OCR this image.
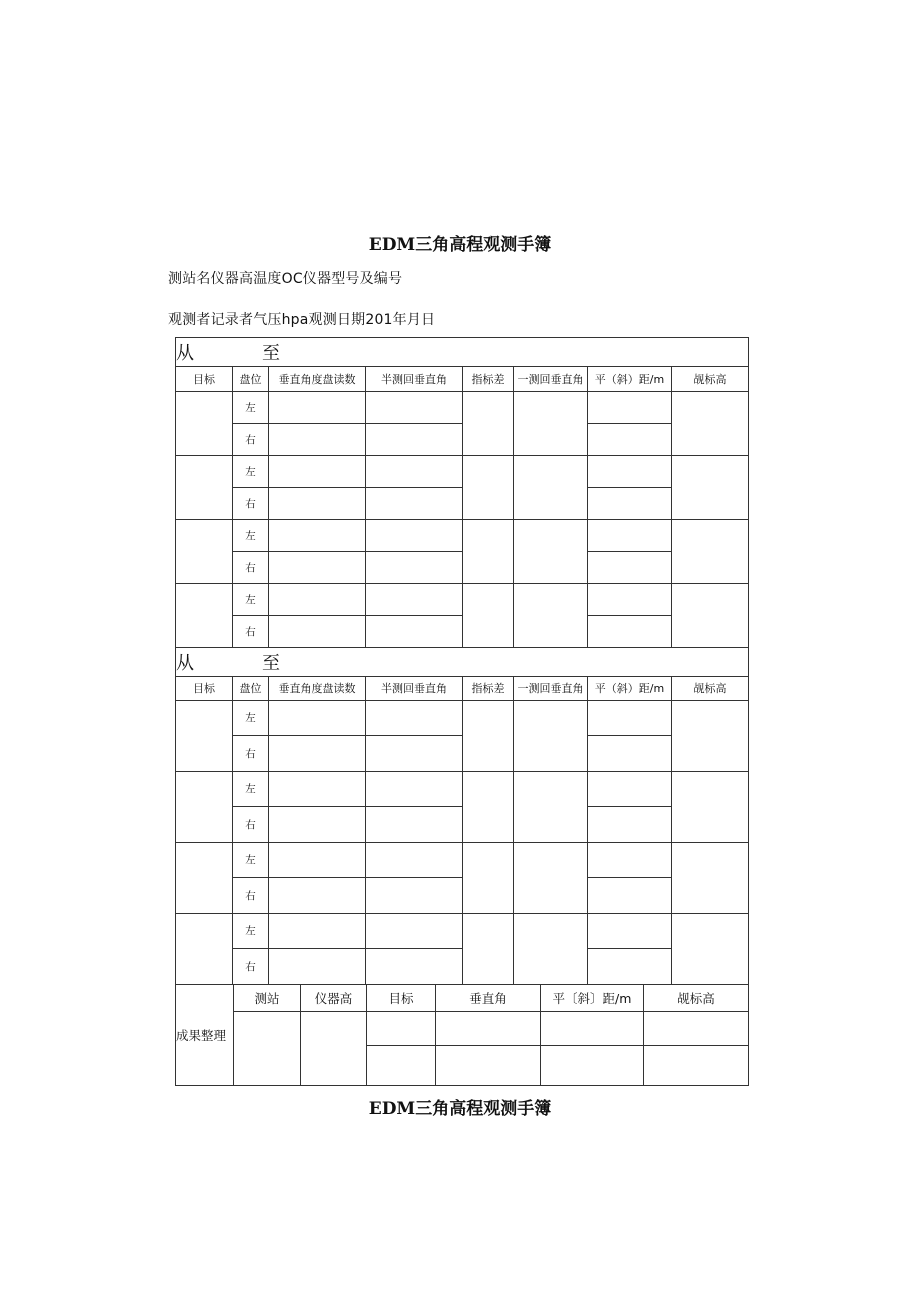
EDM三角高程观测手簿
测站名仪器高温度OC仪器型号及编号
观测者记录者气压hpa观测日期201年月日
从 至							
目标	盘位	垂直角度盘读数	半测回垂直角	指标差	一测回垂直角	平（斜）距/m	觇标高
	左						
	右						
	左						
	右						
	左						
	右						
	左						
	右						
从 至							
目标	盘位	垂直角度盘读数	半测回垂直角	指标差	一测回垂直角	平（斜）距/m	觇标高
	左						
	右						
	左						
	右						
	左						
	右						
	左						
	右						
成果整理	测站	仪器高	目标	垂直角	平〔斜〕距/m	觇标高

EDM三角高程观测手簿
